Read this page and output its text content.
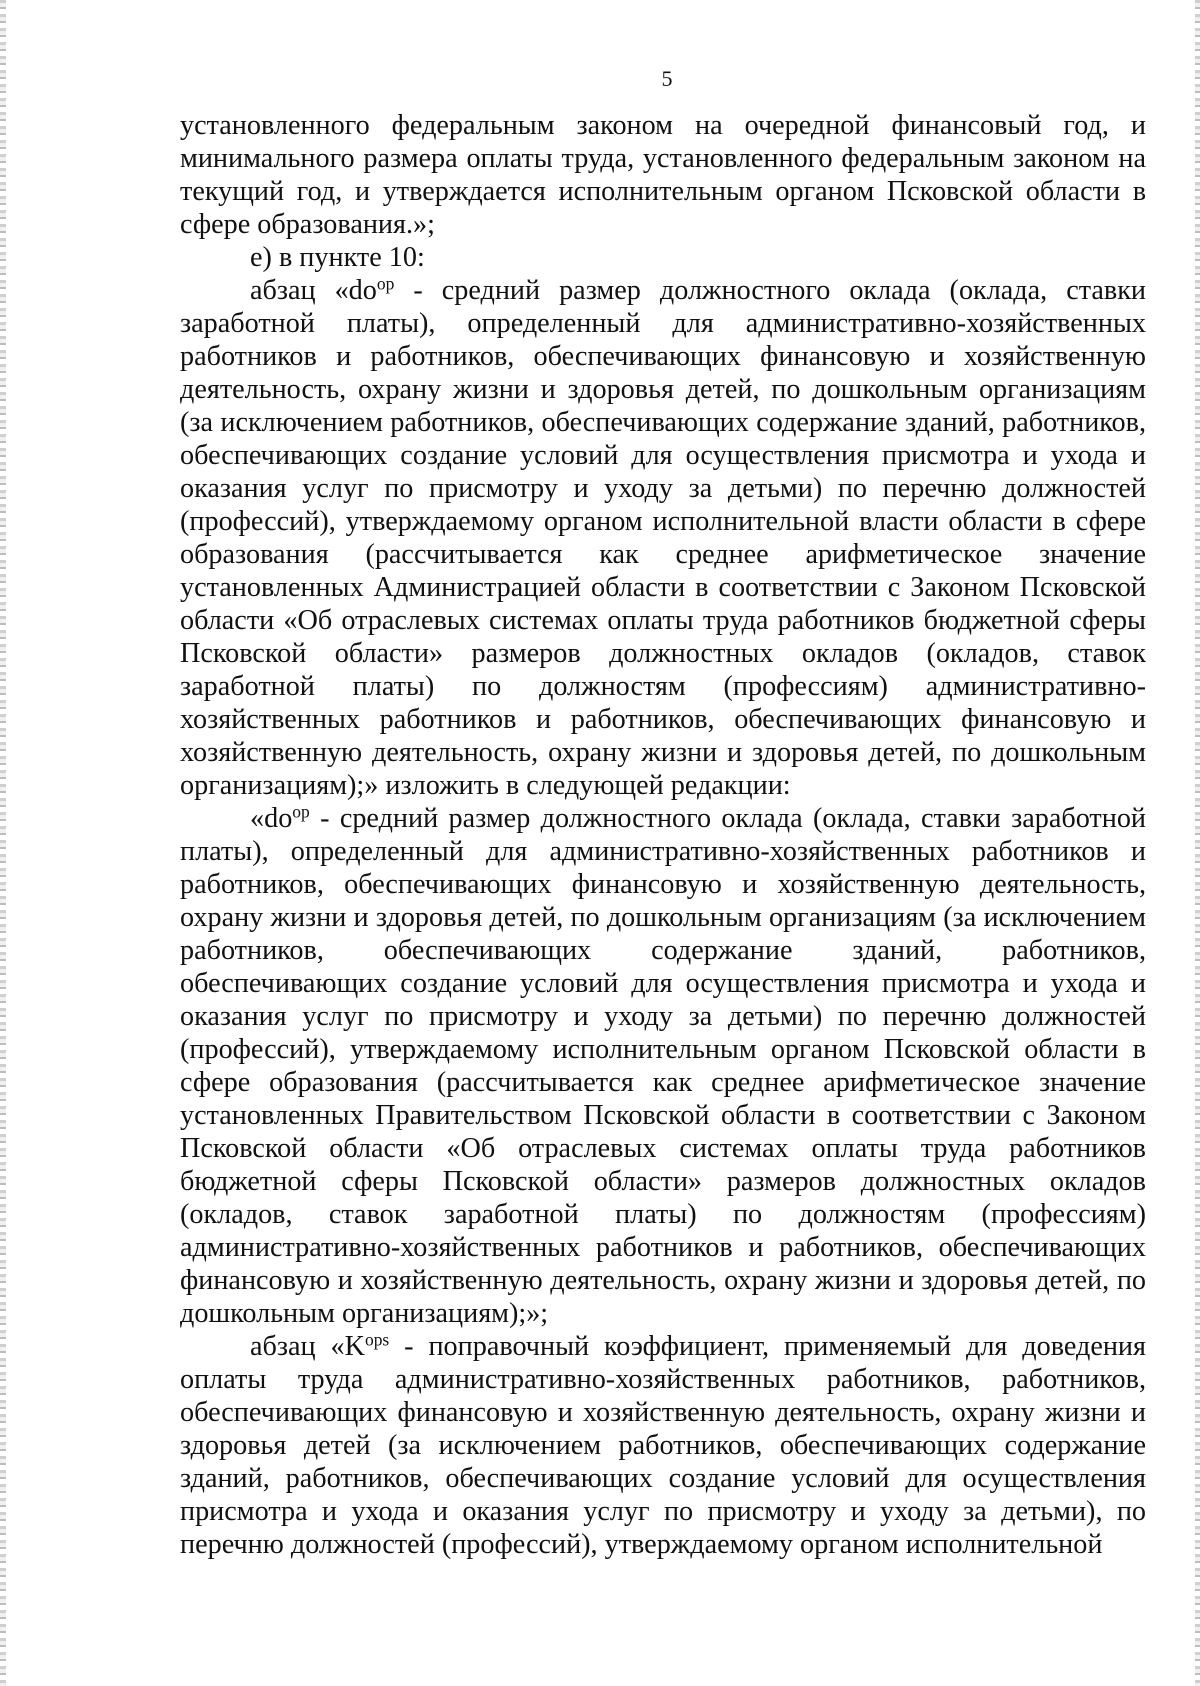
5

установленного федеральным законом на очередной финансовый год, и минимального размера оплаты труда, установленного федеральным законом на текущий год, и утверждается исполнительным органом Псковской области в сфере образования.»;

е) в пункте 10:

абзац «$do^{op}$ - средний размер должностного оклада (оклада, ставки заработной платы), определенный для административно-хозяйственных работников и работников, обеспечивающих финансовую и хозяйственную деятельность, охрану жизни и здоровья детей, по дошкольным организациям (за исключением работников, обеспечивающих содержание зданий, работников, обеспечивающих создание условий для осуществления присмотра и ухода и оказания услуг по присмотру и уходу за детьми) по перечню должностей (профессий), утверждаемому органом исполнительной власти области в сфере образования (рассчитывается как среднее арифметическое значение установленных Администрацией области в соответствии с Законом Псковской области «Об отраслевых системах оплаты труда работников бюджетной сферы Псковской области» размеров должностных окладов (окладов, ставок заработной платы) по должностям (профессиям) административно-хозяйственных работников и работников, обеспечивающих финансовую и хозяйственную деятельность, охрану жизни и здоровья детей, по дошкольным организациям);» изложить в следующей редакции:

«$do^{op}$ - средний размер должностного оклада (оклада, ставки заработной платы), определенный для административно-хозяйственных работников и работников, обеспечивающих финансовую и хозяйственную деятельность, охрану жизни и здоровья детей, по дошкольным организациям (за исключением работников, обеспечивающих содержание зданий, работников, обеспечивающих создание условий для осуществления присмотра и ухода и оказания услуг по присмотру и уходу за детьми) по перечню должностей (профессий), утверждаемому исполнительным органом Псковской области в сфере образования (рассчитывается как среднее арифметическое значение установленных Правительством Псковской области в соответствии с Законом Псковской области «Об отраслевых системах оплаты труда работников бюджетной сферы Псковской области» размеров должностных окладов (окладов, ставок заработной платы) по должностям (профессиям) административно-хозяйственных работников и работников, обеспечивающих финансовую и хозяйственную деятельность, охрану жизни и здоровья детей, по дошкольным организациям);»;

абзац «$K^{ops}$ - поправочный коэффициент, применяемый для доведения оплаты труда административно-хозяйственных работников, работников, обеспечивающих финансовую и хозяйственную деятельность, охрану жизни и здоровья детей (за исключением работников, обеспечивающих содержание зданий, работников, обеспечивающих создание условий для осуществления присмотра и ухода и оказания услуг по присмотру и уходу за детьми), по перечню должностей (профессий), утверждаемому органом исполнительной
